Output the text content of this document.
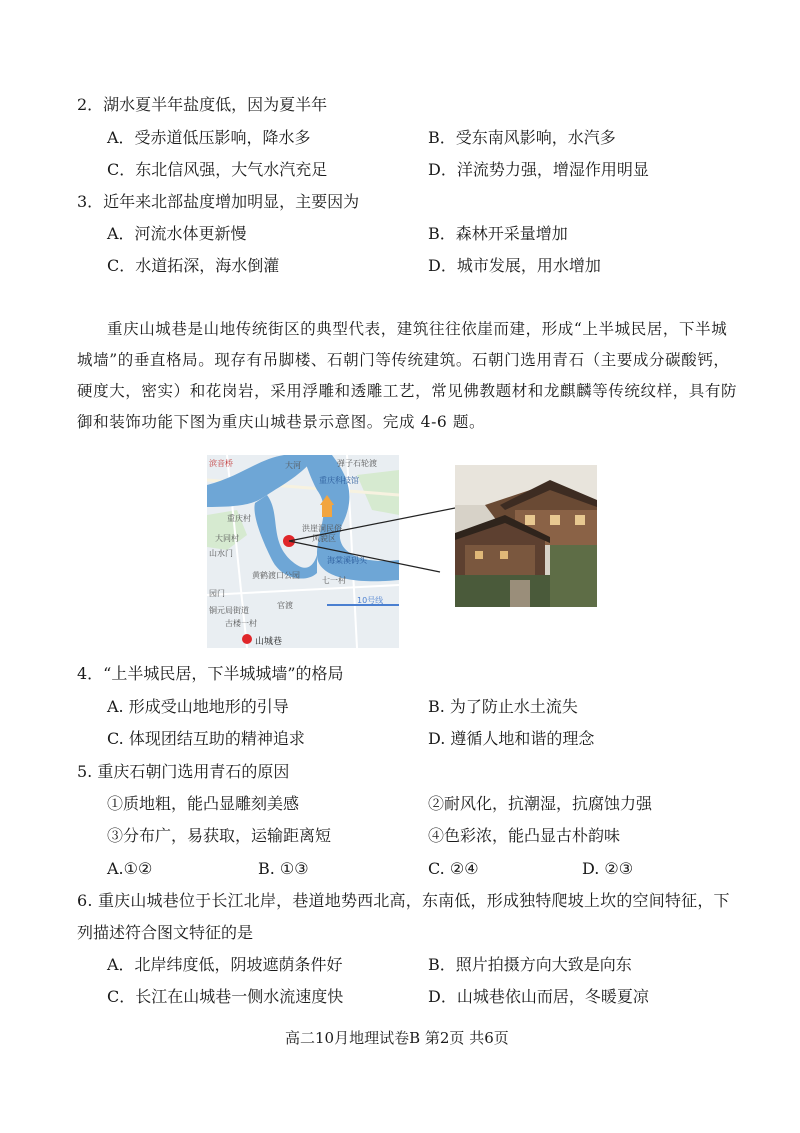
2．湖水夏半年盐度低，因为夏半年
A．受赤道低压影响，降水多	B．受东南风影响，水汽多
C．东北信风强，大气水汽充足	D．洋流势力强，增湿作用明显
3．近年来北部盐度增加明显，主要因为
A．河流水体更新慢	B．森林开采量增加
C．水道拓深，海水倒灌	D．城市发展，用水增加
重庆山城巷是山地传统街区的典型代表，建筑往往依崖而建，形成“上半城民居，下半城
城墙”的垂直格局。现存有吊脚楼、石朝门等传统建筑。石朝门选用青石（主要成分碳酸钙，
硬度大，密实）和花岗岩，采用浮雕和透雕工艺，常见佛教题材和龙麒麟等传统纹样，具有防
御和装饰功能下图为重庆山城巷景示意图。完成 4-6 题。
滨音桥	大河	弹子石轮渡
重庆科技馆
重庆村
洪崖洞民俗
风貌区
大同村
山水门
海棠溪码头
七一村
黄鹤渡口公园
园门
铜元局街道
官渡
古楼一村
10号线
山城巷
4．“上半城民居，下半城城墙”的格局
A. 形成受山地地形的引导	B. 为了防止水土流失
C. 体现团结互助的精神追求	D. 遵循人地和谐的理念
5. 重庆石朝门选用青石的原因
①质地粗，能凸显雕刻美感	②耐风化，抗潮湿，抗腐蚀力强
③分布广，易获取，运输距离短	④色彩浓，能凸显古朴韵味
A.①②	B. ①③	C. ②④	D. ②③
6. 重庆山城巷位于长江北岸，巷道地势西北高，东南低，形成独特爬坡上坎的空间特征，下
列描述符合图文特征的是
A．北岸纬度低，阴坡遮荫条件好	B．照片拍摄方向大致是向东
C．长江在山城巷一侧水流速度快	D．山城巷依山而居，冬暖夏凉
高二10月地理试卷B 第2页 共6页
